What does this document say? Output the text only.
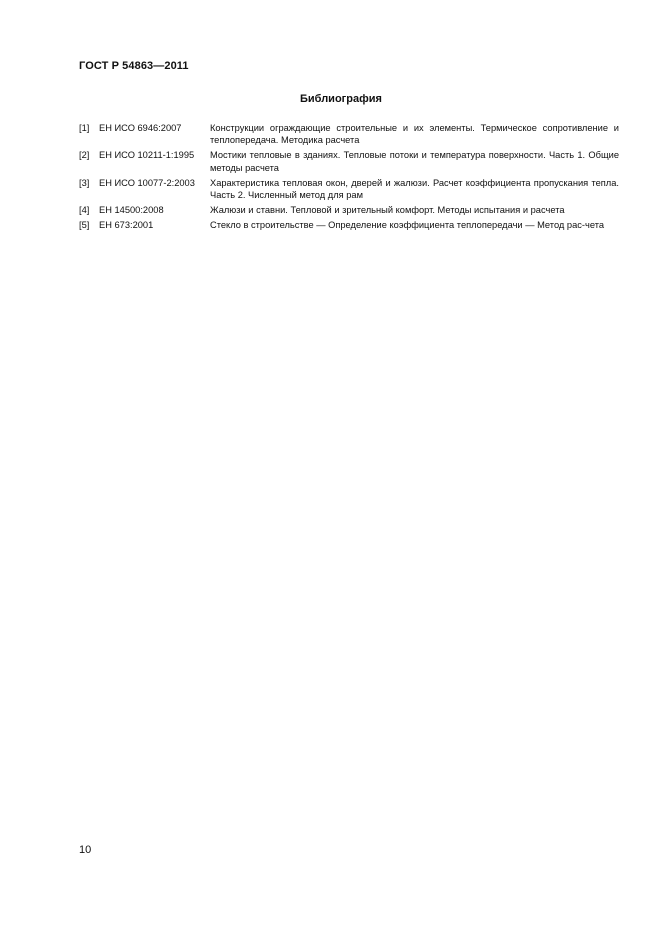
ГОСТ Р 54863—2011
Библиография
[1]	ЕН ИСО 6946:2007	Конструкции ограждающие строительные и их элементы. Термическое сопротивление и теплопередача. Методика расчета
[2]	ЕН ИСО 10211-1:1995	Мостики тепловые в зданиях. Тепловые потоки и температура поверхности. Часть 1. Общие методы расчета
[3]	ЕН ИСО 10077-2:2003	Характеристика тепловая окон, дверей и жалюзи. Расчет коэффициента пропускания тепла. Часть 2. Численный метод для рам
[4]	ЕН 14500:2008	Жалюзи и ставни. Тепловой и зрительный комфорт. Методы испытания и расчета
[5]	ЕН 673:2001	Стекло в строительстве — Определение коэффициента теплопередачи — Метод рас-чета
10
